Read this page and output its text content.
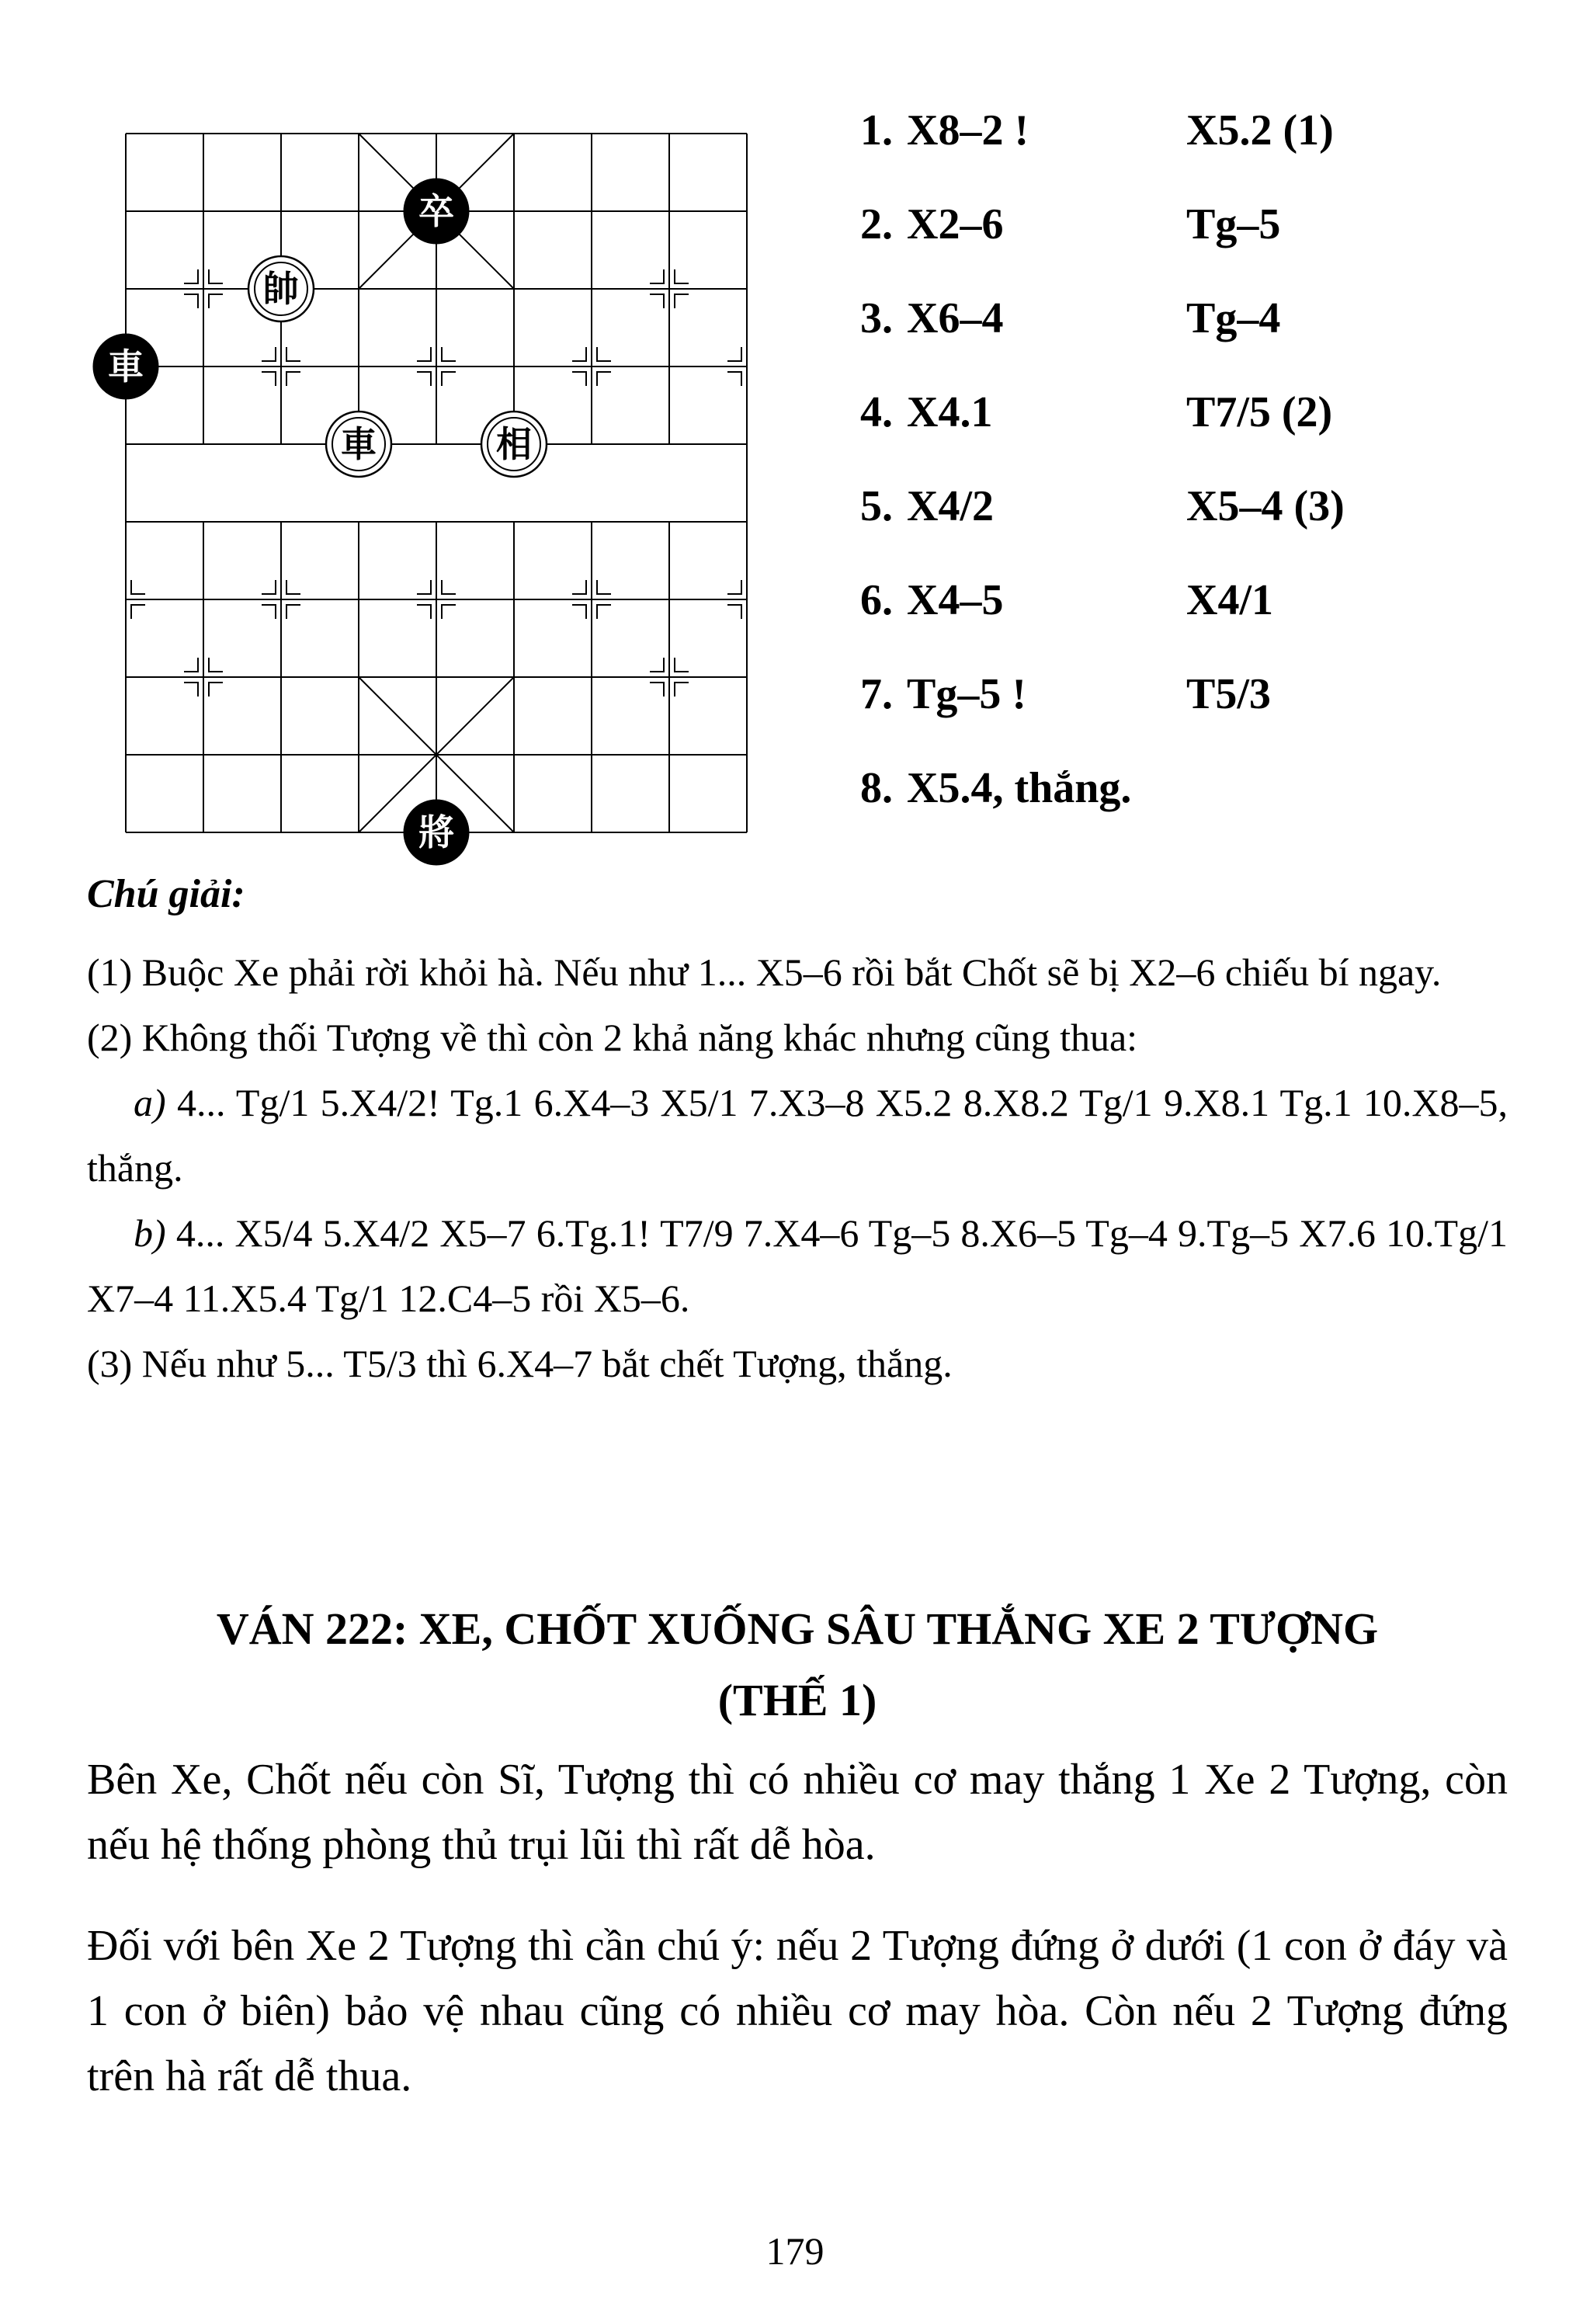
卒
帥
車
車	相
將
1. X8–2 !	X5.2 (1)
2. X2–6	Tg–5
3. X6–4	Tg–4
4. X4.1	T7/5 (2)
5. X4/2	X5–4 (3)
6. X4–5	X4/1
7. Tg–5 !	T5/3
8. X5.4, thắng.
Chú giải:

(1) Buộc Xe phải rời khỏi hà. Nếu như 1... X5–6 rồi bắt Chốt sẽ bị X2–6 chiếu bí ngay.

(2) Không thối Tượng về thì còn 2 khả năng khác nhưng cũng thua:

a) 4... Tg/1 5.X4/2! Tg.1 6.X4–3 X5/1 7.X3–8 X5.2 8.X8.2 Tg/1 9.X8.1 Tg.1 10.X8–5, thắng.

b) 4... X5/4 5.X4/2 X5–7 6.Tg.1! T7/9 7.X4–6 Tg–5 8.X6–5 Tg–4 9.Tg–5 X7.6 10.Tg/1 X7–4 11.X5.4 Tg/1 12.C4–5 rồi X5–6.

(3) Nếu như 5... T5/3 thì 6.X4–7 bắt chết Tượng, thắng.

VÁN 222: XE, CHỐT XUỐNG SÂU THẮNG XE 2 TƯỢNG
(THẾ 1)

Bên Xe, Chốt nếu còn Sĩ, Tượng thì có nhiều cơ may thắng 1 Xe 2 Tượng, còn nếu hệ thống phòng thủ trụi lũi thì rất dễ hòa.

Đối với bên Xe 2 Tượng thì cần chú ý: nếu 2 Tượng đứng ở dưới (1 con ở đáy và 1 con ở biên) bảo vệ nhau cũng có nhiều cơ may hòa. Còn nếu 2 Tượng đứng trên hà rất dễ thua.

179
